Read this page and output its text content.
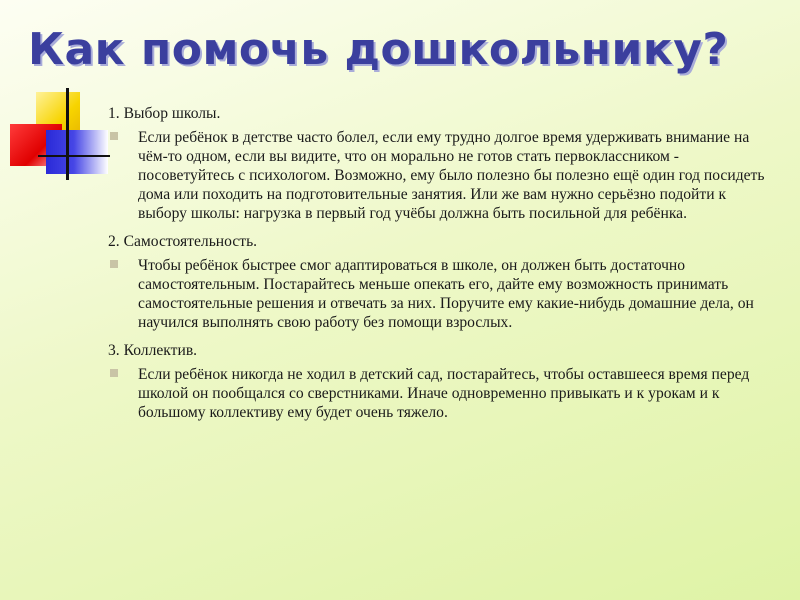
Как помочь дошкольнику?
1. Выбор школы.
Если ребёнок в детстве часто болел, если ему трудно долгое время удерживать внимание на чём-то одном, если вы видите, что он морально не готов стать первоклассником - посоветуйтесь с психологом. Возможно, ему было полезно бы полезно ещё один год посидеть дома или походить на подготовительные занятия. Или же вам нужно серьёзно подойти к выбору школы: нагрузка в первый год учёбы должна быть посильной для ребёнка.
2. Самостоятельность.
Чтобы ребёнок быстрее смог адаптироваться в школе, он должен быть достаточно самостоятельным. Постарайтесь меньше опекать его, дайте ему возможность принимать самостоятельные решения и отвечать за них. Поручите ему какие-нибудь домашние дела, он научился выполнять свою работу без помощи взрослых.
3. Коллектив.
Если ребёнок никогда не ходил в детский сад, постарайтесь, чтобы оставшееся время перед школой он пообщался со сверстниками. Иначе одновременно привыкать и к урокам и к большому коллективу ему будет очень тяжело.
